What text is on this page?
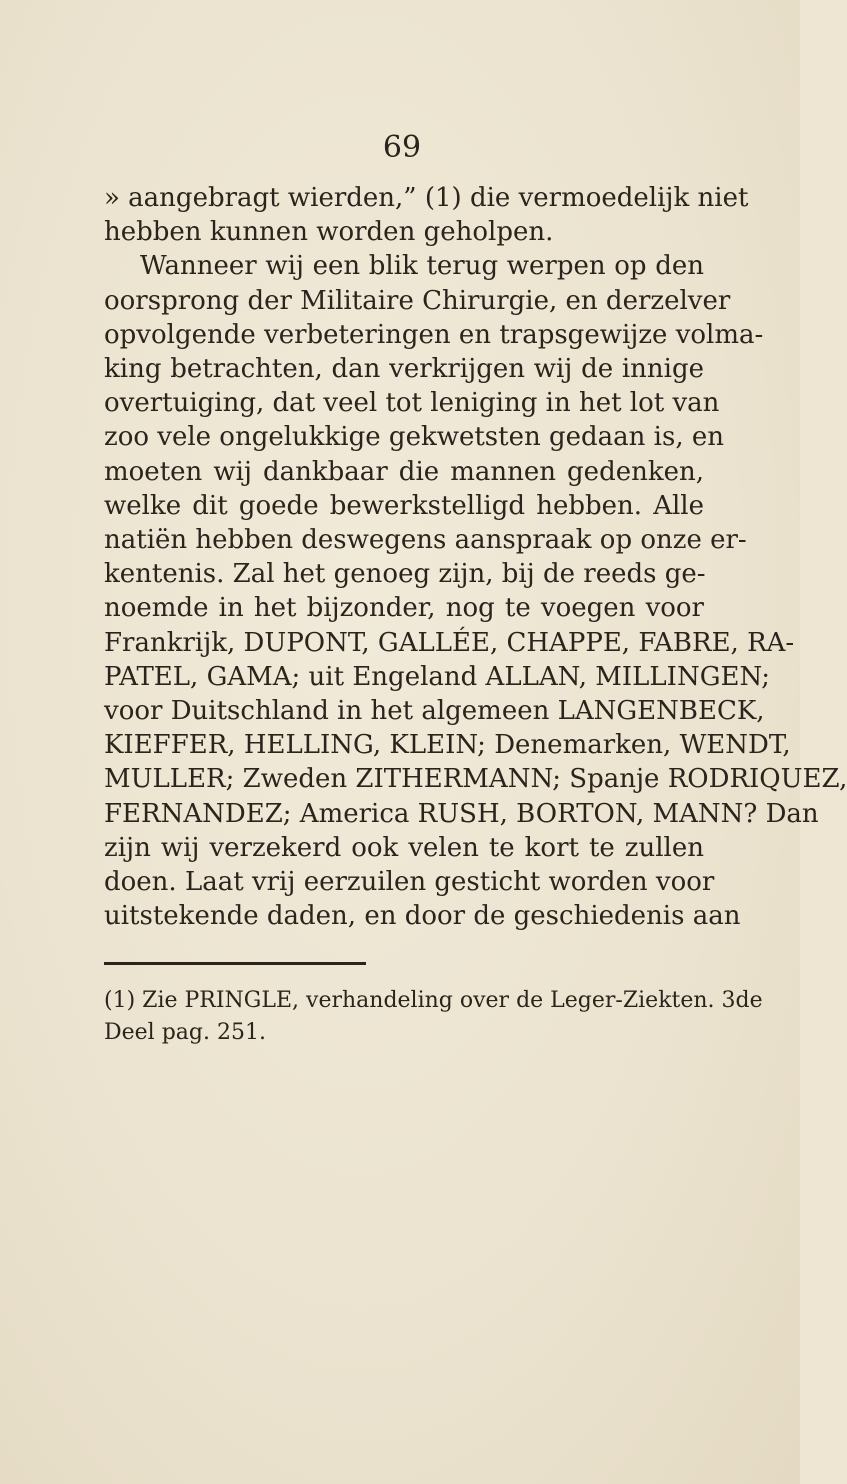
69
» aangebragt wierden,” (1) die vermoedelijk niet
hebben kunnen worden geholpen.
Wanneer wij een blik terug werpen op den
oorsprong der Militaire Chirurgie, en derzelver
opvolgende verbeteringen en trapsgewijze volma-
king betrachten, dan verkrijgen wij de innige
overtuiging, dat veel tot leniging in het lot van
zoo vele ongelukkige gekwetsten gedaan is, en
moeten wij dankbaar die mannen gedenken,
welke dit goede bewerkstelligd hebben. Alle
natiën hebben deswegens aanspraak op onze er-
kentenis. Zal het genoeg zijn, bij de reeds ge-
noemde in het bijzonder, nog te voegen voor
Frankrijk, DUPONT, GALLÉE, CHAPPE, FABRE, RA-
PATEL, GAMA; uit Engeland ALLAN, MILLINGEN;
voor Duitschland in het algemeen LANGENBECK,
KIEFFER, HELLING, KLEIN; Denemarken, WENDT,
MULLER; Zweden ZITHERMANN; Spanje RODRIQUEZ,
FERNANDEZ; America RUSH, BORTON, MANN? Dan
zijn wij verzekerd ook velen te kort te zullen
doen. Laat vrij eerzuilen gesticht worden voor
uitstekende daden, en door de geschiedenis aan
(1) Zie PRINGLE, verhandeling over de Leger-Ziekten. 3de
Deel pag. 251.
